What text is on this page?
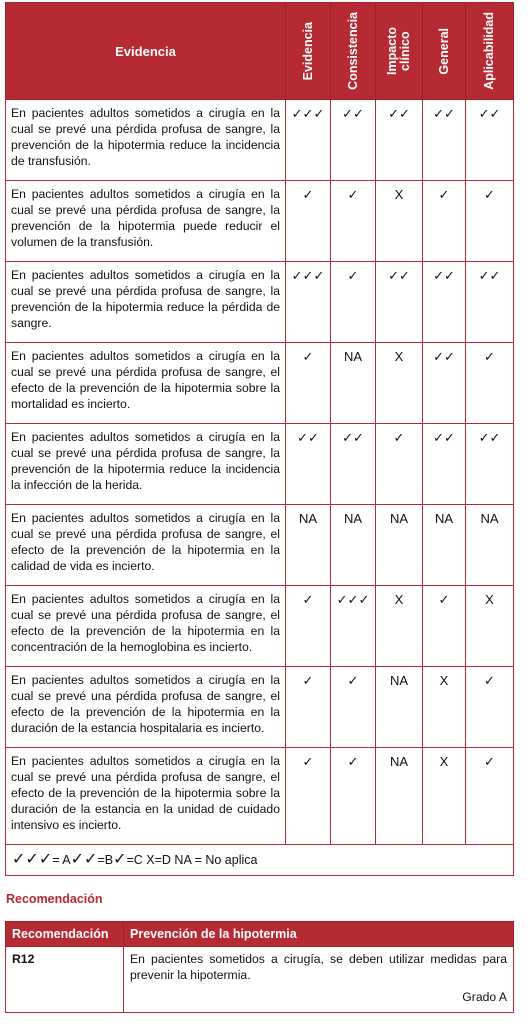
Evidencia	Evidencia	Consistencia	Impacto
clínico	General	Aplicabilidad

En pacientes adultos sometidos a cirugía en la cual se prevé una pérdida profusa de sangre, la prevención de la hipotermia reduce la incidencia de transfusión.	✓✓✓	✓✓	✓✓	✓✓	✓✓
En pacientes adultos sometidos a cirugía en la cual se prevé una pérdida profusa de sangre, la prevención de la hipotermia puede reducir el volumen de la transfusión.	✓	✓	X	✓	✓
En pacientes adultos sometidos a cirugía en la cual se prevé una pérdida profusa de sangre, la prevención de la hipotermia reduce la pérdida de sangre.	✓✓✓	✓	✓✓	✓✓	✓✓
En pacientes adultos sometidos a cirugía en la cual se prevé una pérdida profusa de sangre, el efecto de la prevención de la hipotermia sobre la mortalidad es incierto.	✓	NA	X	✓✓	✓
En pacientes adultos sometidos a cirugía en la cual se prevé una pérdida profusa de sangre, la prevención de la hipotermia reduce la incidencia la infección de la herida.	✓✓	✓✓	✓	✓✓	✓✓
En pacientes adultos sometidos a cirugía en la cual se prevé una pérdida profusa de sangre, el efecto de la prevención de la hipotermia en la calidad de vida es incierto.	NA	NA	NA	NA	NA
En pacientes adultos sometidos a cirugía en la cual se prevé una pérdida profusa de sangre, el efecto de la prevención de la hipotermia en la concentración de la hemoglobina es incierto.	✓	✓✓✓	X	✓	X
En pacientes adultos sometidos a cirugía en la cual se prevé una pérdida profusa de sangre, el efecto de la prevención de la hipotermia en la duración de la estancia hospitalaria es incierto.	✓	✓	NA	X	✓
En pacientes adultos sometidos a cirugía en la cual se prevé una pérdida profusa de sangre, el efecto de la prevención de la hipotermia sobre la duración de la estancia en la unidad de cuidado intensivo es incierto.	✓	✓	NA	X	✓
✓✓✓= A✓✓=B✓=C X=D NA = No aplica					
Recomendación
Recomendación	Prevención de la hipotermia
R12	En pacientes sometidos a cirugía, se deben utilizar medidas para prevenir la hipotermia.
Grado A
